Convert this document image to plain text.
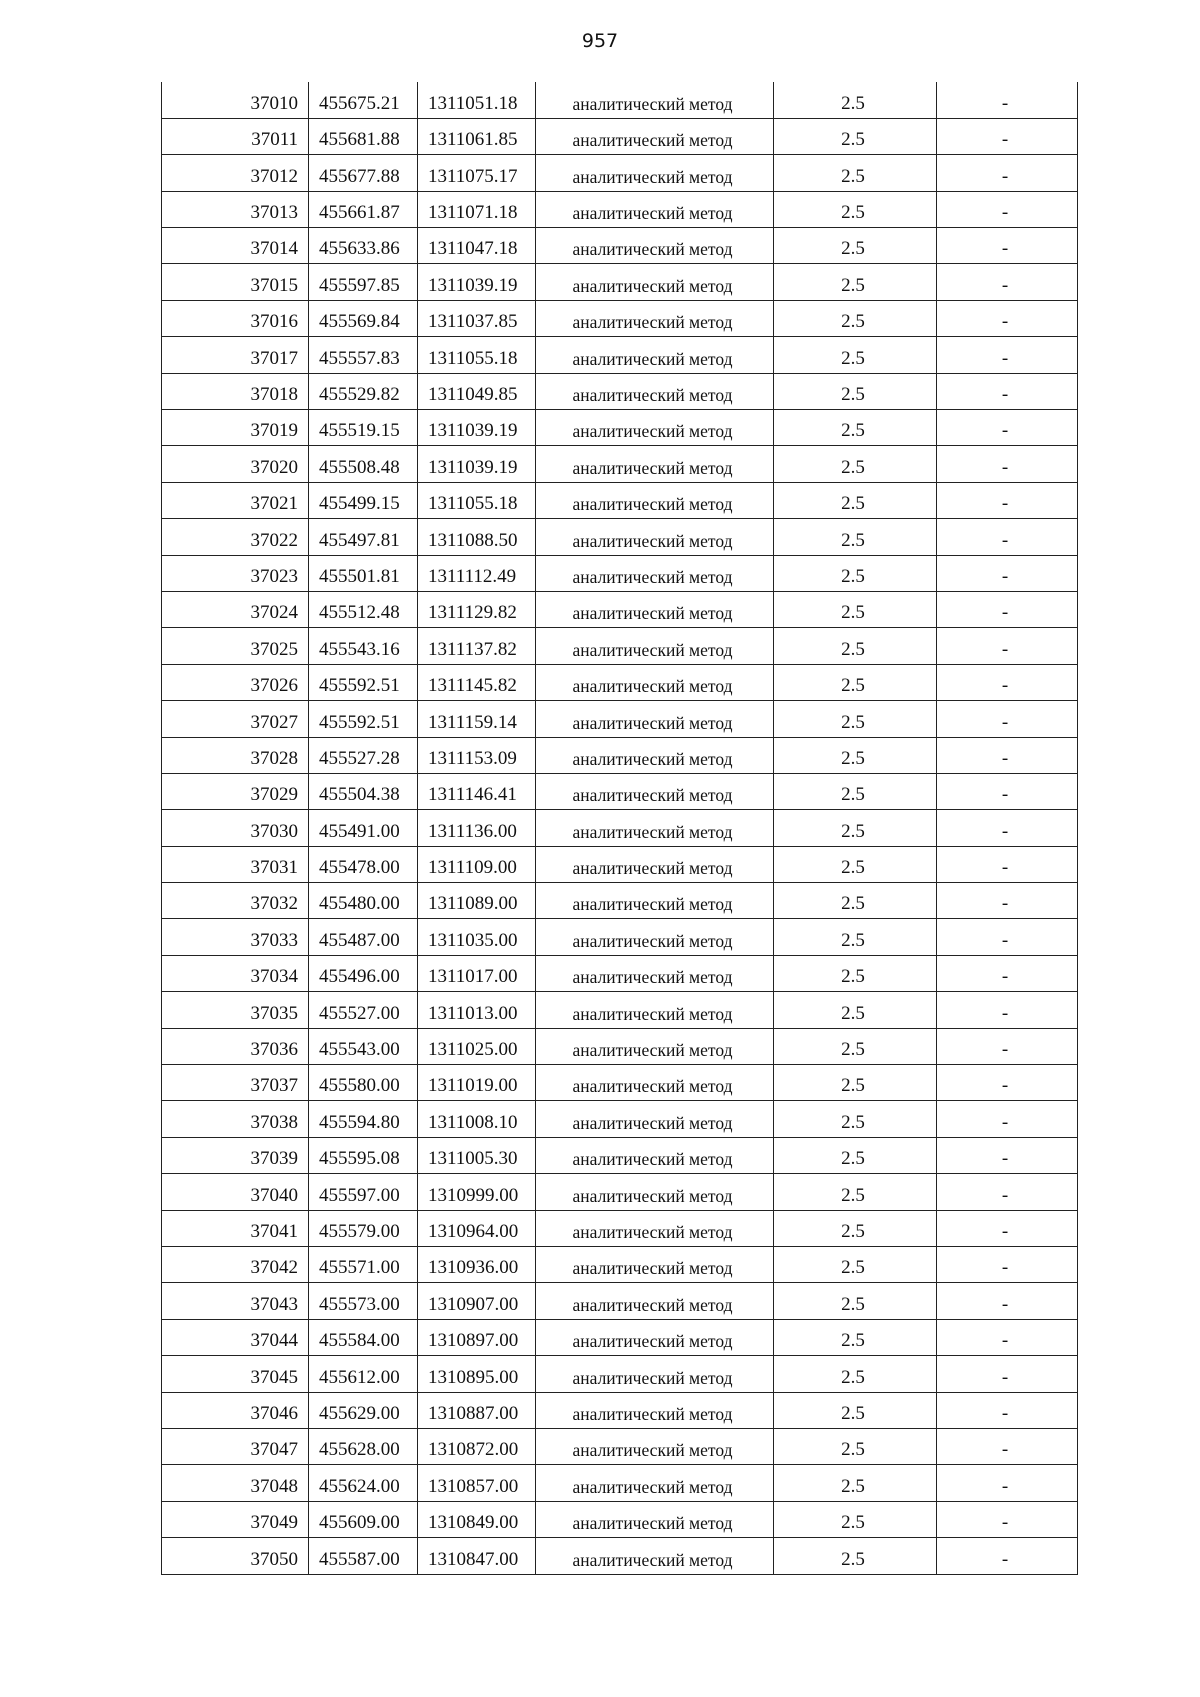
957
37010	455675.21	1311051.18	аналитический метод	2.5	-
37011	455681.88	1311061.85	аналитический метод	2.5	-
37012	455677.88	1311075.17	аналитический метод	2.5	-
37013	455661.87	1311071.18	аналитический метод	2.5	-
37014	455633.86	1311047.18	аналитический метод	2.5	-
37015	455597.85	1311039.19	аналитический метод	2.5	-
37016	455569.84	1311037.85	аналитический метод	2.5	-
37017	455557.83	1311055.18	аналитический метод	2.5	-
37018	455529.82	1311049.85	аналитический метод	2.5	-
37019	455519.15	1311039.19	аналитический метод	2.5	-
37020	455508.48	1311039.19	аналитический метод	2.5	-
37021	455499.15	1311055.18	аналитический метод	2.5	-
37022	455497.81	1311088.50	аналитический метод	2.5	-
37023	455501.81	1311112.49	аналитический метод	2.5	-
37024	455512.48	1311129.82	аналитический метод	2.5	-
37025	455543.16	1311137.82	аналитический метод	2.5	-
37026	455592.51	1311145.82	аналитический метод	2.5	-
37027	455592.51	1311159.14	аналитический метод	2.5	-
37028	455527.28	1311153.09	аналитический метод	2.5	-
37029	455504.38	1311146.41	аналитический метод	2.5	-
37030	455491.00	1311136.00	аналитический метод	2.5	-
37031	455478.00	1311109.00	аналитический метод	2.5	-
37032	455480.00	1311089.00	аналитический метод	2.5	-
37033	455487.00	1311035.00	аналитический метод	2.5	-
37034	455496.00	1311017.00	аналитический метод	2.5	-
37035	455527.00	1311013.00	аналитический метод	2.5	-
37036	455543.00	1311025.00	аналитический метод	2.5	-
37037	455580.00	1311019.00	аналитический метод	2.5	-
37038	455594.80	1311008.10	аналитический метод	2.5	-
37039	455595.08	1311005.30	аналитический метод	2.5	-
37040	455597.00	1310999.00	аналитический метод	2.5	-
37041	455579.00	1310964.00	аналитический метод	2.5	-
37042	455571.00	1310936.00	аналитический метод	2.5	-
37043	455573.00	1310907.00	аналитический метод	2.5	-
37044	455584.00	1310897.00	аналитический метод	2.5	-
37045	455612.00	1310895.00	аналитический метод	2.5	-
37046	455629.00	1310887.00	аналитический метод	2.5	-
37047	455628.00	1310872.00	аналитический метод	2.5	-
37048	455624.00	1310857.00	аналитический метод	2.5	-
37049	455609.00	1310849.00	аналитический метод	2.5	-
37050	455587.00	1310847.00	аналитический метод	2.5	-
